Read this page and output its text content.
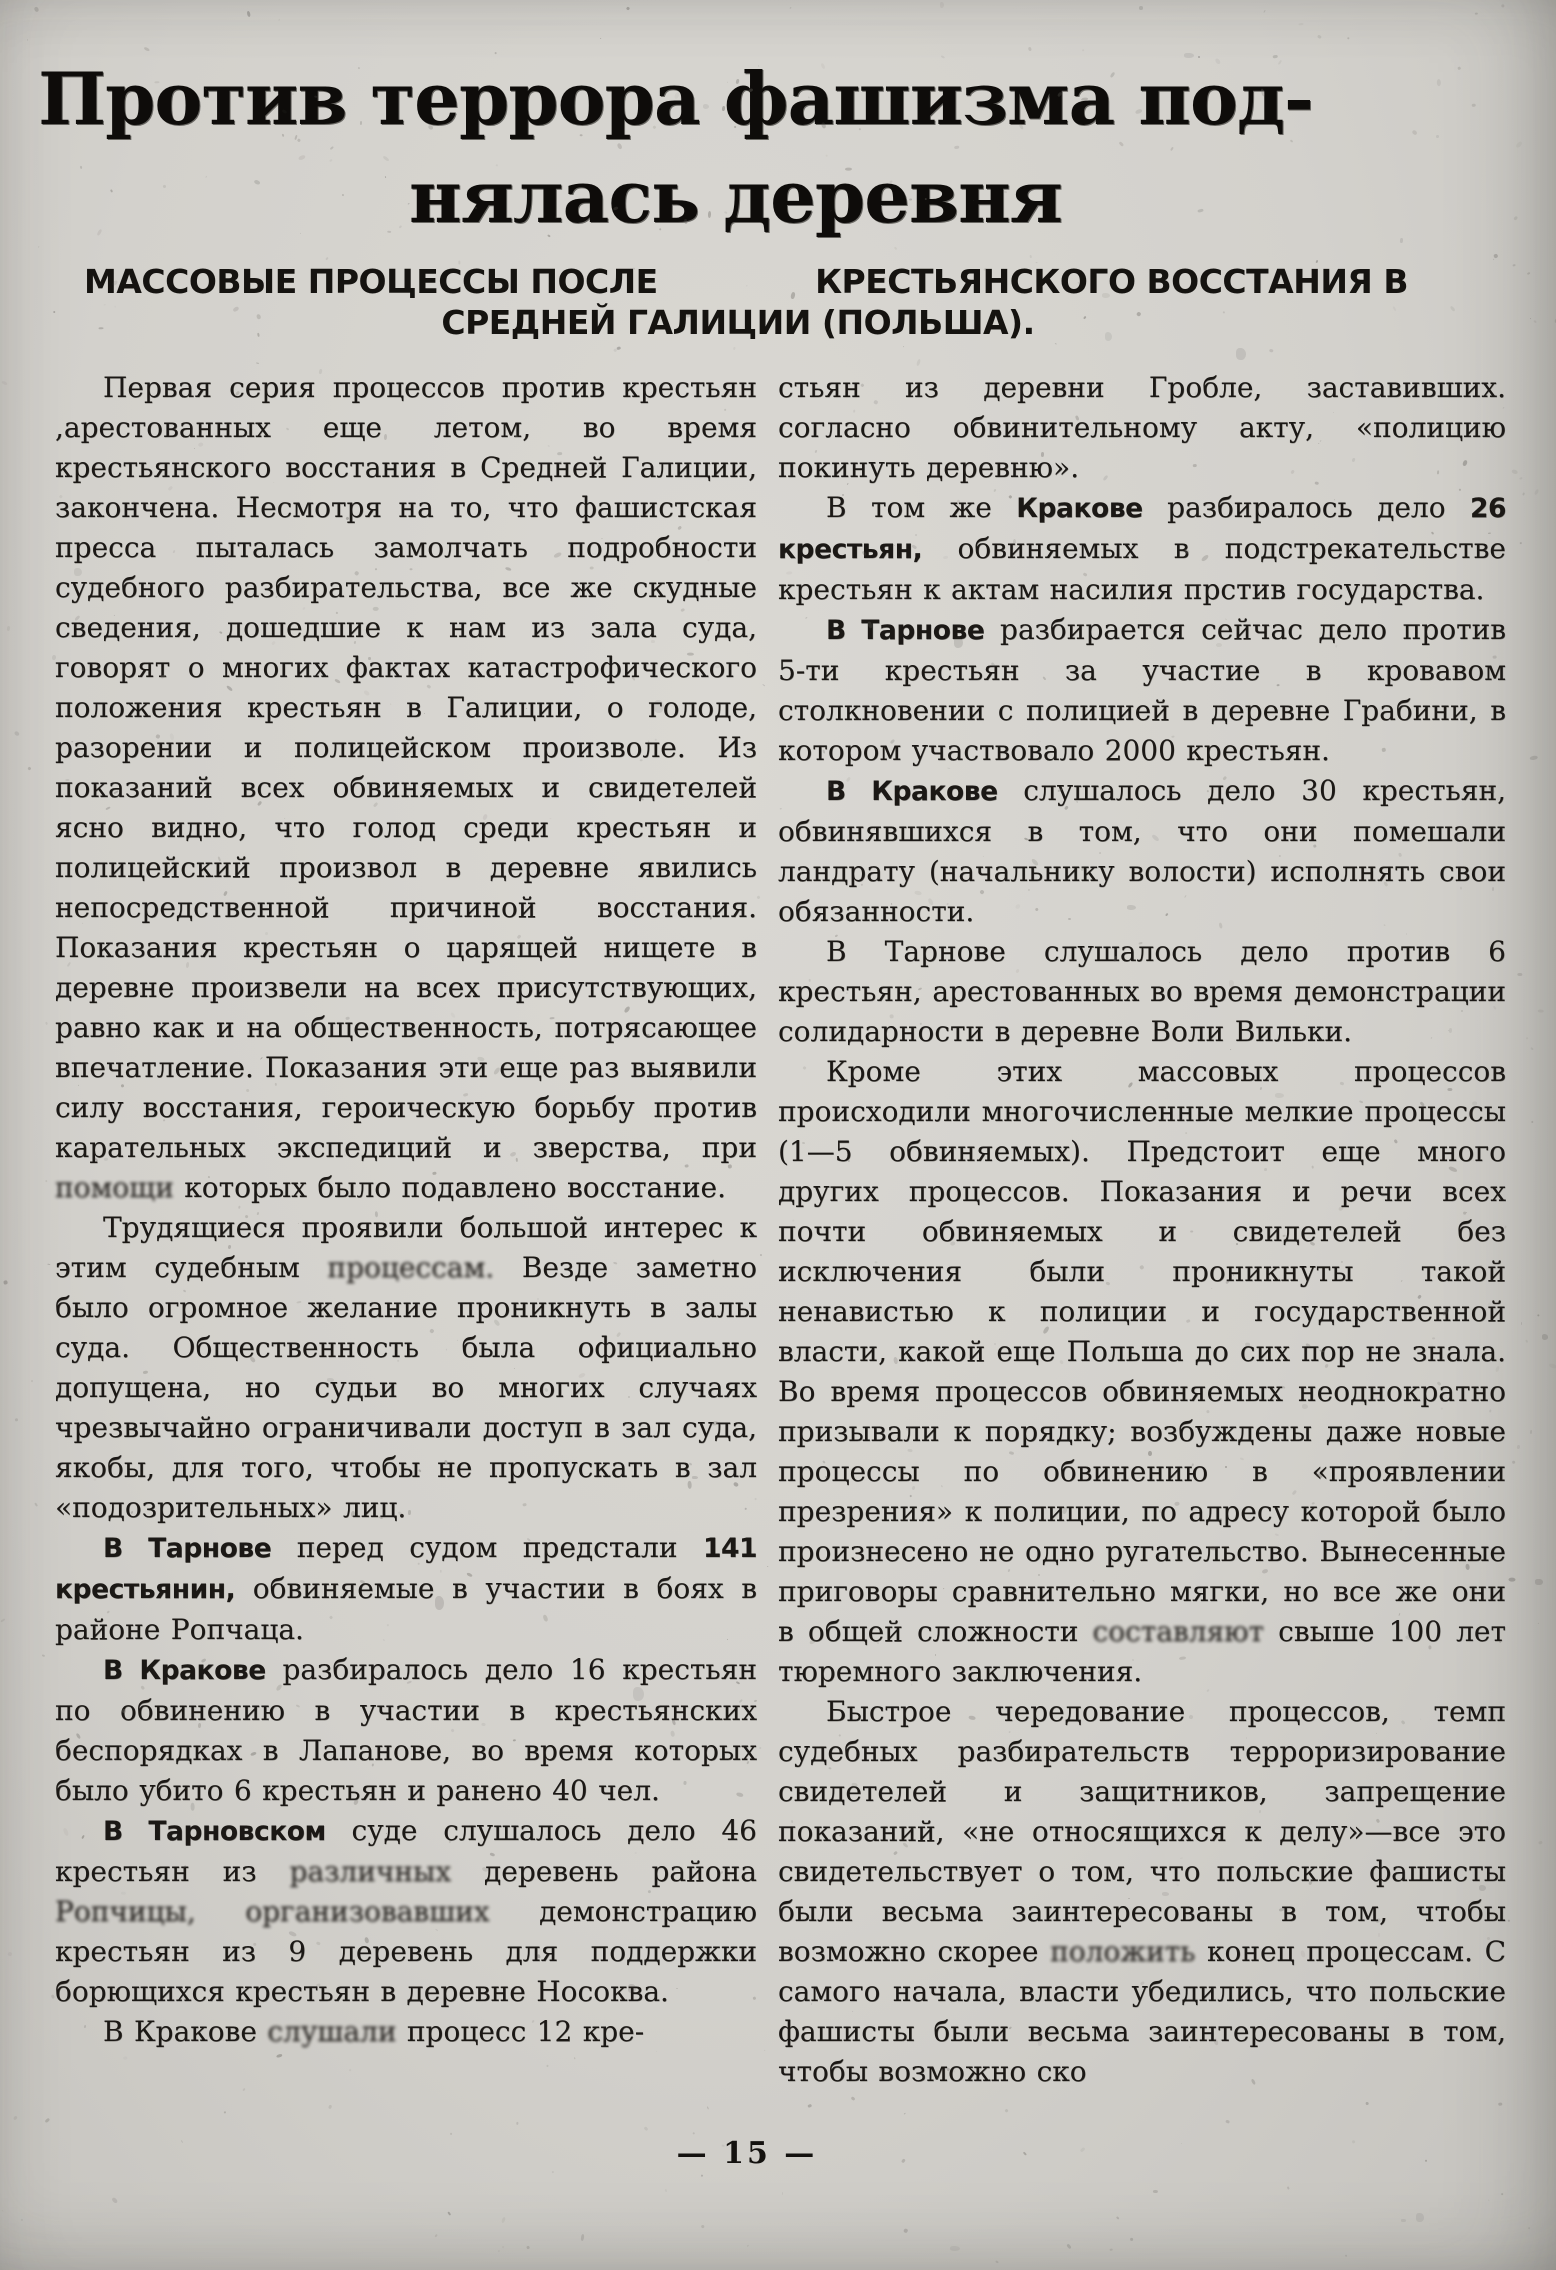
Против террора фашизма под-
нялась деревня
МАССОВЫЕ ПРОЦЕССЫ ПОСЛЕ	КРЕСТЬЯНСКОГО ВОССТАНИЯ В
СРЕДНЕЙ ГАЛИЦИИ (ПОЛЬША).

Первая серия процессов против крестьян ,арестованных еще летом, во время крестьянского восстания в Средней Галиции, закончена. Несмотря на то, что фашистская пресса пыталась замолчать подробности судебного разбирательства, все же скудные сведения, дошедшие к нам из зала суда, говорят о многих фактах катастрофического положения крестьян в Галиции, о голоде, разорении и полицейском произволе. Из показаний всех обвиняемых и свидетелей ясно видно, что голод среди крестьян и полицейский произвол в деревне явились непосредственной причиной восстания. Показания крестьян о царящей нищете в деревне произвели на всех присутствующих, равно как и на общественность, потрясающее впечатление. Показания эти еще раз выявили силу восстания, героическую борьбу против карательных экспедиций и зверства, при помощи которых было подавлено восстание.

Трудящиеся проявили большой интерес к этим судебным процессам. Везде заметно было огромное желание проникнуть в залы суда. Общественность была официально допущена, но судьи во многих случаях чрезвычайно ограничивали доступ в зал суда, якобы, для того, чтобы не пропускать в зал «подозрительных» лиц.

В Тарнове перед судом предстали 141 крестьянин, обвиняемые в участии в боях в районе Ропчаца.

В Кракове разбиралось дело 16 крестьян по обвинению в участии в крестьянских беспорядках в Лапанове, во время которых было убито 6 крестьян и ранено 40 чел.

В Тарновском суде слушалось дело 46 крестьян из различных деревень района Ропчицы, организовавших демонстрацию крестьян из 9 деревень для поддержки борющихся крестьян в деревне Носоква.

В Кракове слушали процесс 12 кре-

стьян из деревни Гробле, заставивших. согласно обвинительному акту, «полицию покинуть деревню».

В том же Кракове разбиралось дело 26 крестьян, обвиняемых в подстрекательстве крестьян к актам насилия прстив государства.

В Тарнове разбирается сейчас дело против 5-ти крестьян за участие в кровавом столкновении с полицией в деревне Грабини, в котором участвовало 2000 крестьян.

В Кракове слушалось дело 30 крестьян, обвинявшихся в том, что они помешали ландрату (начальнику волости) исполнять свои обязанности.

В Тарнове слушалось дело против 6 крестьян, арестованных во время демонстрации солидарности в деревне Воли Вильки.

Кроме этих массовых процессов происходили многочисленные мелкие процессы (1—5 обвиняемых). Предстоит еще много других процессов. Показания и речи всех почти обвиняемых и свидетелей без исключения были проникнуты такой ненавистью к полиции и государственной власти, какой еще Польша до сих пор не знала. Во время процессов обвиняемых неоднократно призывали к порядку; возбуждены даже новые процессы по обвинению в «проявлении презрения» к полиции, по адресу которой было произнесено не одно ругательство. Вынесенные приговоры сравнительно мягки, но все же они в общей сложности составляют свыше 100 лет тюремного заключения.

Быстрое чередование процессов, темп судебных разбирательств терроризирование свидетелей и защитников, запрещение показаний, «не относящихся к делу»—все это свидетельствует о том, что польские фашисты были весьма заинтересованы в том, чтобы возможно скорее положить конец процессам. С самого начала, власти убедились, что польские фашисты были весьма заинтересованы в том, чтобы возможно ско

— 15 —
